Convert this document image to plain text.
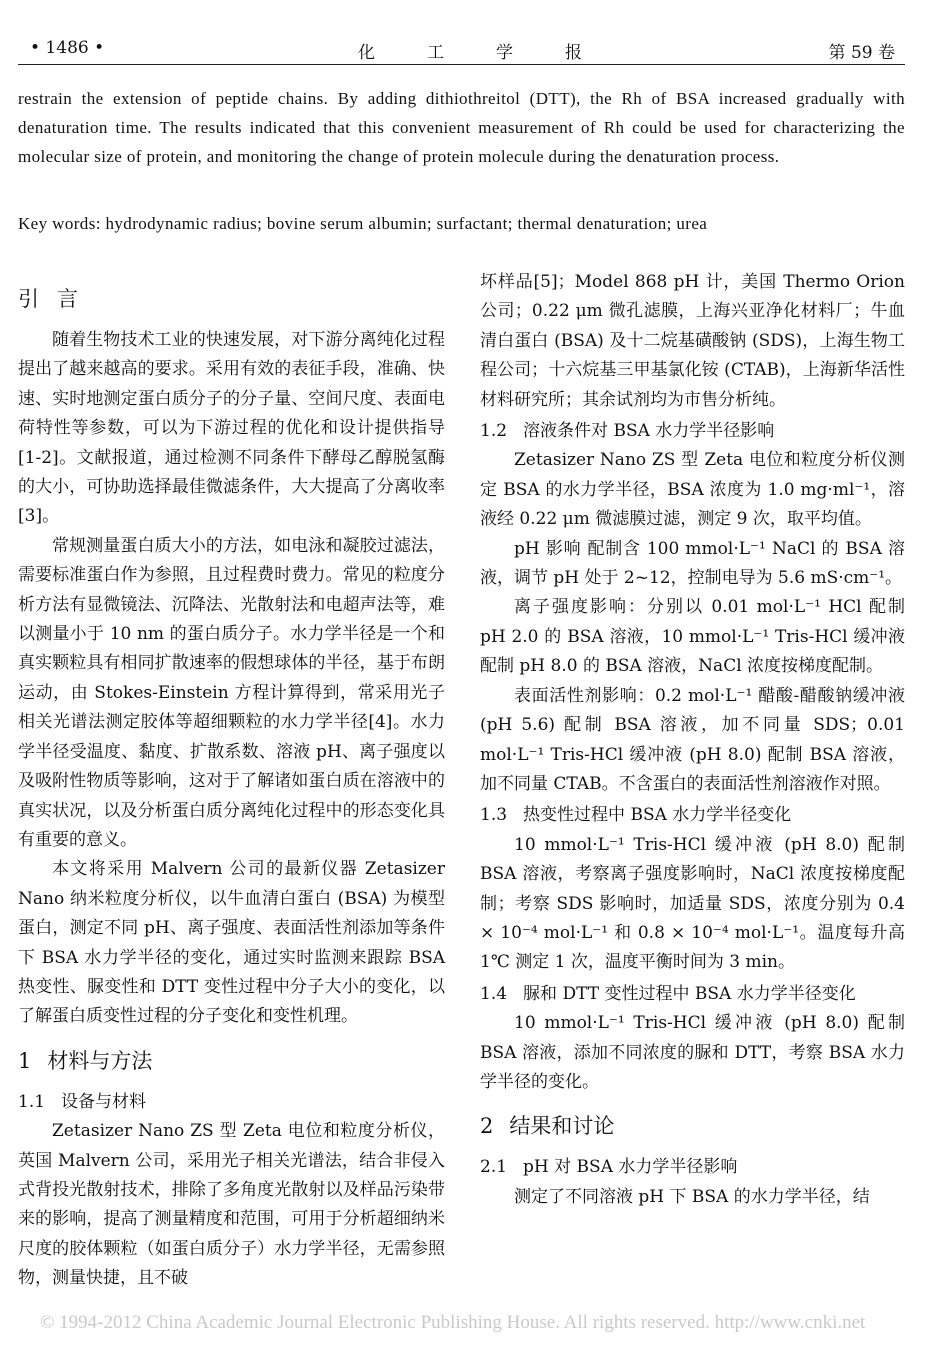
• 1486 •	化工学报	第 59 卷
restrain the extension of peptide chains. By adding dithiothreitol (DTT), the Rh of BSA increased gradually with denaturation time. The results indicated that this convenient measurement of Rh could be used for characterizing the molecular size of protein, and monitoring the change of protein molecule during the denaturation process.
Key words: hydrodynamic radius; bovine serum albumin; surfactant; thermal denaturation; urea
引言

随着生物技术工业的快速发展，对下游分离纯化过程提出了越来越高的要求。采用有效的表征手段，准确、快速、实时地测定蛋白质分子的分子量、空间尺度、表面电荷特性等参数，可以为下游过程的优化和设计提供指导[1-2]。文献报道，通过检测不同条件下酵母乙醇脱氢酶的大小，可协助选择最佳微滤条件，大大提高了分离收率[3]。

常规测量蛋白质大小的方法，如电泳和凝胶过滤法，需要标准蛋白作为参照，且过程费时费力。常见的粒度分析方法有显微镜法、沉降法、光散射法和电超声法等，难以测量小于 10 nm 的蛋白质分子。水力学半径是一个和真实颗粒具有相同扩散速率的假想球体的半径，基于布朗运动，由 Stokes-Einstein 方程计算得到，常采用光子相关光谱法测定胶体等超细颗粒的水力学半径[4]。水力学半径受温度、黏度、扩散系数、溶液 pH、离子强度以及吸附性物质等影响，这对于了解诸如蛋白质在溶液中的真实状况，以及分析蛋白质分离纯化过程中的形态变化具有重要的意义。

本文将采用 Malvern 公司的最新仪器 Zetasizer Nano 纳米粒度分析仪，以牛血清白蛋白 (BSA) 为模型蛋白，测定不同 pH、离子强度、表面活性剂添加等条件下 BSA 水力学半径的变化，通过实时监测来跟踪 BSA 热变性、脲变性和 DTT 变性过程中分子大小的变化，以了解蛋白质变性过程的分子变化和变性机理。

1 材料与方法
1.1 设备与材料

Zetasizer Nano ZS 型 Zeta 电位和粒度分析仪，英国 Malvern 公司，采用光子相关光谱法，结合非侵入式背投光散射技术，排除了多角度光散射以及样品污染带来的影响，提高了测量精度和范围，可用于分析超细纳米尺度的胶体颗粒（如蛋白质分子）水力学半径，无需参照物，测量快捷，且不破

坏样品[5]；Model 868 pH 计，美国 Thermo Orion 公司；0.22 μm 微孔滤膜，上海兴亚净化材料厂；牛血清白蛋白 (BSA) 及十二烷基磺酸钠 (SDS)，上海生物工程公司；十六烷基三甲基氯化铵 (CTAB)，上海新华活性材料研究所；其余试剂均为市售分析纯。

1.2 溶液条件对 BSA 水力学半径影响

Zetasizer Nano ZS 型 Zeta 电位和粒度分析仪测定 BSA 的水力学半径，BSA 浓度为 1.0 mg·ml⁻¹，溶液经 0.22 μm 微滤膜过滤，测定 9 次，取平均值。

pH 影响 配制含 100 mmol·L⁻¹ NaCl 的 BSA 溶液，调节 pH 处于 2~12，控制电导为 5.6 mS·cm⁻¹。

离子强度影响：分别以 0.01 mol·L⁻¹ HCl 配制 pH 2.0 的 BSA 溶液，10 mmol·L⁻¹ Tris-HCl 缓冲液配制 pH 8.0 的 BSA 溶液，NaCl 浓度按梯度配制。

表面活性剂影响：0.2 mol·L⁻¹ 醋酸-醋酸钠缓冲液 (pH 5.6) 配制 BSA 溶液，加不同量 SDS；0.01 mol·L⁻¹ Tris-HCl 缓冲液 (pH 8.0) 配制 BSA 溶液，加不同量 CTAB。不含蛋白的表面活性剂溶液作对照。

1.3 热变性过程中 BSA 水力学半径变化

10 mmol·L⁻¹ Tris-HCl 缓冲液 (pH 8.0) 配制 BSA 溶液，考察离子强度影响时，NaCl 浓度按梯度配制；考察 SDS 影响时，加适量 SDS，浓度分别为 0.4 × 10⁻⁴ mol·L⁻¹ 和 0.8 × 10⁻⁴ mol·L⁻¹。温度每升高 1℃ 测定 1 次，温度平衡时间为 3 min。

1.4 脲和 DTT 变性过程中 BSA 水力学半径变化

10 mmol·L⁻¹ Tris-HCl 缓冲液 (pH 8.0) 配制 BSA 溶液，添加不同浓度的脲和 DTT，考察 BSA 水力学半径的变化。

2 结果和讨论
2.1 pH 对 BSA 水力学半径影响

测定了不同溶液 pH 下 BSA 的水力学半径，结

© 1994-2012 China Academic Journal Electronic Publishing House. All rights reserved. http://www.cnki.net
